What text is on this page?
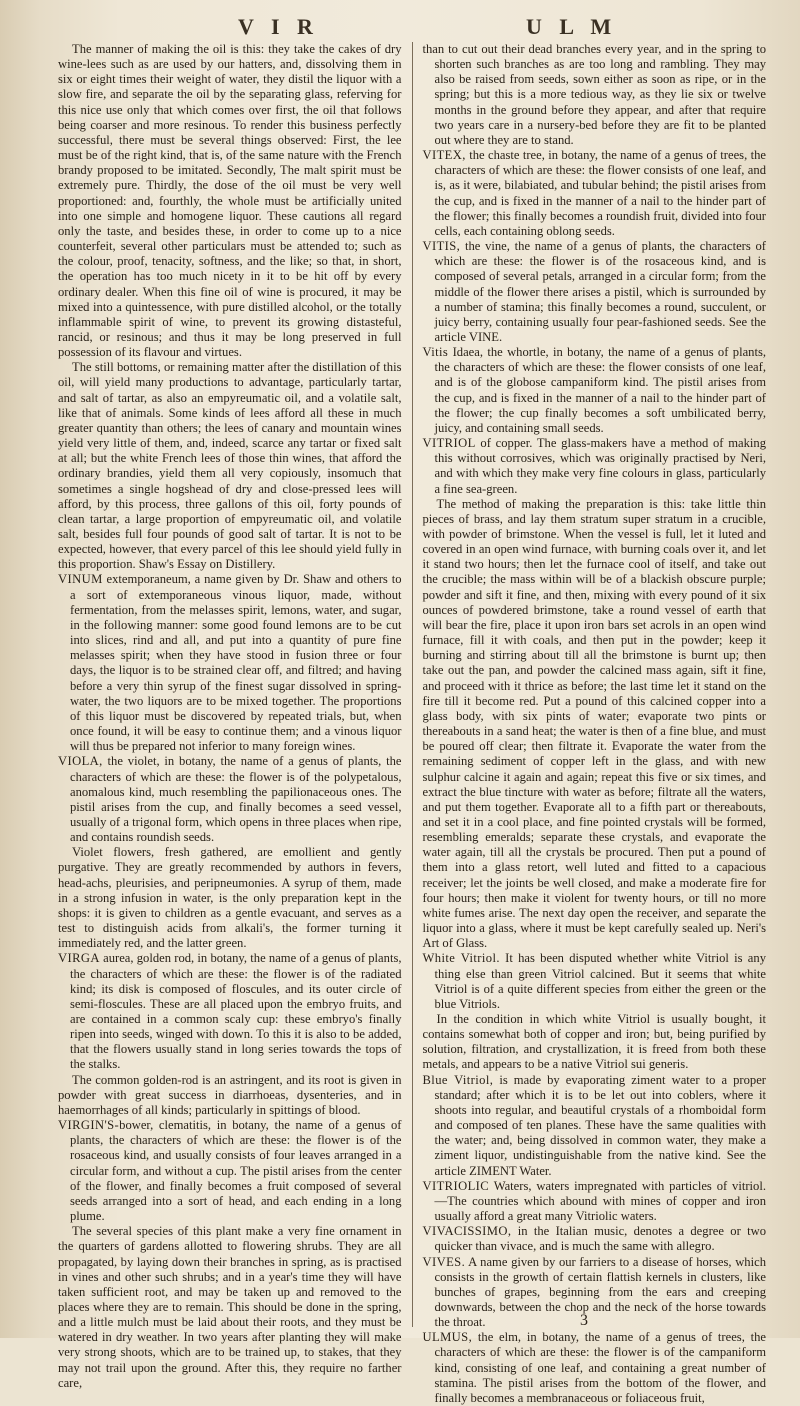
V I R	U L M

The manner of making the oil is this: they take the cakes of dry wine-lees such as are used by our hatters, and, dissolving them in six or eight times their weight of water, they distil the liquor with a slow fire, and separate the oil by the separating glass, referving for this nice use only that which comes over first, the oil that follows being coarser and more resinous. To render this business perfectly successful, there must be several things observed: First, the lee must be of the right kind, that is, of the same nature with the French brandy proposed to be imitated. Secondly, The malt spirit must be extremely pure. Thirdly, the dose of the oil must be very well proportioned: and, fourthly, the whole must be artificially united into one simple and homogene liquor. These cautions all regard only the taste, and besides these, in order to come up to a nice counterfeit, several other particulars must be attended to; such as the colour, proof, tenacity, softness, and the like; so that, in short, the operation has too much nicety in it to be hit off by every ordinary dealer. When this fine oil of wine is procured, it may be mixed into a quintessence, with pure distilled alcohol, or the totally inflammable spirit of wine, to prevent its growing distasteful, rancid, or resinous; and thus it may be long preserved in full possession of its flavour and virtues.

The still bottoms, or remaining matter after the distillation of this oil, will yield many productions to advantage, particularly tartar, and salt of tartar, as also an empyreumatic oil, and a volatile salt, like that of animals. Some kinds of lees afford all these in much greater quantity than others; the lees of canary and mountain wines yield very little of them, and, indeed, scarce any tartar or fixed salt at all; but the white French lees of those thin wines, that afford the ordinary brandies, yield them all very copiously, insomuch that sometimes a single hogshead of dry and close-pressed lees will afford, by this process, three gallons of this oil, forty pounds of clean tartar, a large proportion of empyreumatic oil, and volatile salt, besides full four pounds of good salt of tartar. It is not to be expected, however, that every parcel of this lee should yield fully in this proportion. Shaw's Essay on Distillery.

VINUM extemporaneum, a name given by Dr. Shaw and others to a sort of extemporaneous vinous liquor, made, without fermentation, from the melasses spirit, lemons, water, and sugar, in the following manner: some good found lemons are to be cut into slices, rind and all, and put into a quantity of pure fine melasses spirit; when they have stood in fusion three or four days, the liquor is to be strained clear off, and filtred; and having before a very thin syrup of the finest sugar dissolved in spring-water, the two liquors are to be mixed together. The proportions of this liquor must be discovered by repeated trials, but, when once found, it will be easy to continue them; and a vinous liquor will thus be prepared not inferior to many foreign wines.

VIOLA, the violet, in botany, the name of a genus of plants, the characters of which are these: the flower is of the polypetalous, anomalous kind, much resembling the papilionaceous ones. The pistil arises from the cup, and finally becomes a seed vessel, usually of a trigonal form, which opens in three places when ripe, and contains roundish seeds.

Violet flowers, fresh gathered, are emollient and gently purgative. They are greatly recommended by authors in fevers, head-achs, pleurisies, and peripneumonies. A syrup of them, made in a strong infusion in water, is the only preparation kept in the shops: it is given to children as a gentle evacuant, and serves as a test to distinguish acids from alkali's, the former turning it immediately red, and the latter green.

VIRGA aurea, golden rod, in botany, the name of a genus of plants, the characters of which are these: the flower is of the radiated kind; its disk is composed of floscules, and its outer circle of semi-floscules. These are all placed upon the embryo fruits, and are contained in a common scaly cup: these embryo's finally ripen into seeds, winged with down. To this it is also to be added, that the flowers usually stand in long series towards the tops of the stalks.

The common golden-rod is an astringent, and its root is given in powder with great success in diarrhoeas, dysenteries, and in haemorrhages of all kinds; particularly in spittings of blood.

VIRGIN'S-bower, clematitis, in botany, the name of a genus of plants, the characters of which are these: the flower is of the rosaceous kind, and usually consists of four leaves arranged in a circular form, and without a cup. The pistil arises from the center of the flower, and finally becomes a fruit composed of several seeds arranged into a sort of head, and each ending in a long plume.

The several species of this plant make a very fine ornament in the quarters of gardens allotted to flowering shrubs. They are all propagated, by laying down their branches in spring, as is practised in vines and other such shrubs; and in a year's time they will have taken sufficient root, and may be taken up and removed to the places where they are to remain. This should be done in the spring, and a little mulch must be laid about their roots, and they must be watered in dry weather. In two years after planting they will make very strong shoots, which are to be trained up, to stakes, that they may not trail upon the ground. After this, they require no farther care,

than to cut out their dead branches every year, and in the spring to shorten such branches as are too long and rambling. They may also be raised from seeds, sown either as soon as ripe, or in the spring; but this is a more tedious way, as they lie six or twelve months in the ground before they appear, and after that require two years care in a nursery-bed before they are fit to be planted out where they are to stand.

VITEX, the chaste tree, in botany, the name of a genus of trees, the characters of which are these: the flower consists of one leaf, and is, as it were, bilabiated, and tubular behind; the pistil arises from the cup, and is fixed in the manner of a nail to the hinder part of the flower; this finally becomes a roundish fruit, divided into four cells, each containing oblong seeds.

VITIS, the vine, the name of a genus of plants, the characters of which are these: the flower is of the rosaceous kind, and is composed of several petals, arranged in a circular form; from the middle of the flower there arises a pistil, which is surrounded by a number of stamina; this finally becomes a round, succulent, or juicy berry, containing usually four pear-fashioned seeds. See the article VINE.

Vitis Idaea, the whortle, in botany, the name of a genus of plants, the characters of which are these: the flower consists of one leaf, and is of the globose campaniform kind. The pistil arises from the cup, and is fixed in the manner of a nail to the hinder part of the flower; the cup finally becomes a soft umbilicated berry, juicy, and containing small seeds.

VITRIOL of copper. The glass-makers have a method of making this without corrosives, which was originally practised by Neri, and with which they make very fine colours in glass, particularly a fine sea-green.

The method of making the preparation is this: take little thin pieces of brass, and lay them stratum super stratum in a crucible, with powder of brimstone. When the vessel is full, let it luted and covered in an open wind furnace, with burning coals over it, and let it stand two hours; then let the furnace cool of itself, and take out the crucible; the mass within will be of a blackish obscure purple; powder and sift it fine, and then, mixing with every pound of it six ounces of powdered brimstone, take a round vessel of earth that will bear the fire, place it upon iron bars set acrols in an open wind furnace, fill it with coals, and then put in the powder; keep it burning and stirring about till all the brimstone is burnt up; then take out the pan, and powder the calcined mass again, sift it fine, and proceed with it thrice as before; the last time let it stand on the fire till it become red. Put a pound of this calcined copper into a glass body, with six pints of water; evaporate two pints or thereabouts in a sand heat; the water is then of a fine blue, and must be poured off clear; then filtrate it. Evaporate the water from the remaining sediment of copper left in the glass, and with new sulphur calcine it again and again; repeat this five or six times, and extract the blue tincture with water as before; filtrate all the waters, and put them together. Evaporate all to a fifth part or thereabouts, and set it in a cool place, and fine pointed crystals will be formed, resembling emeralds; separate these crystals, and evaporate the water again, till all the crystals be procured. Then put a pound of them into a glass retort, well luted and fitted to a capacious receiver; let the joints be well closed, and make a moderate fire for four hours; then make it violent for twenty hours, or till no more white fumes arise. The next day open the receiver, and separate the liquor into a glass, where it must be kept carefully sealed up. Neri's Art of Glass.

White Vitriol. It has been disputed whether white Vitriol is any thing else than green Vitriol calcined. But it seems that white Vitriol is of a quite different species from either the green or the blue Vitriols.

In the condition in which white Vitriol is usually bought, it contains somewhat both of copper and iron; but, being purified by solution, filtration, and crystallization, it is freed from both these metals, and appears to be a native Vitriol sui generis.

Blue Vitriol, is made by evaporating ziment water to a proper standard; after which it is to be let out into coblers, where it shoots into regular, and beautiful crystals of a rhomboidal form and composed of ten planes. These have the same qualities with the water; and, being dissolved in common water, they make a ziment liquor, undistinguishable from the native kind. See the article ZIMENT Water.

VITRIOLIC Waters, waters impregnated with particles of vitriol.—The countries which abound with mines of copper and iron usually afford a great many Vitriolic waters.

VIVACISSIMO, in the Italian music, denotes a degree or two quicker than vivace, and is much the same with allegro.

VIVES. A name given by our farriers to a disease of horses, which consists in the growth of certain flattish kernels in clusters, like bunches of grapes, beginning from the ears and creeping downwards, between the chop and the neck of the horse towards the throat.

ULMUS, the elm, in botany, the name of a genus of trees, the characters of which are these: the flower is of the campaniform kind, consisting of one leaf, and containing a great number of stamina. The pistil arises from the bottom of the flower, and finally becomes a membranaceous or foliaceous fruit,

3
